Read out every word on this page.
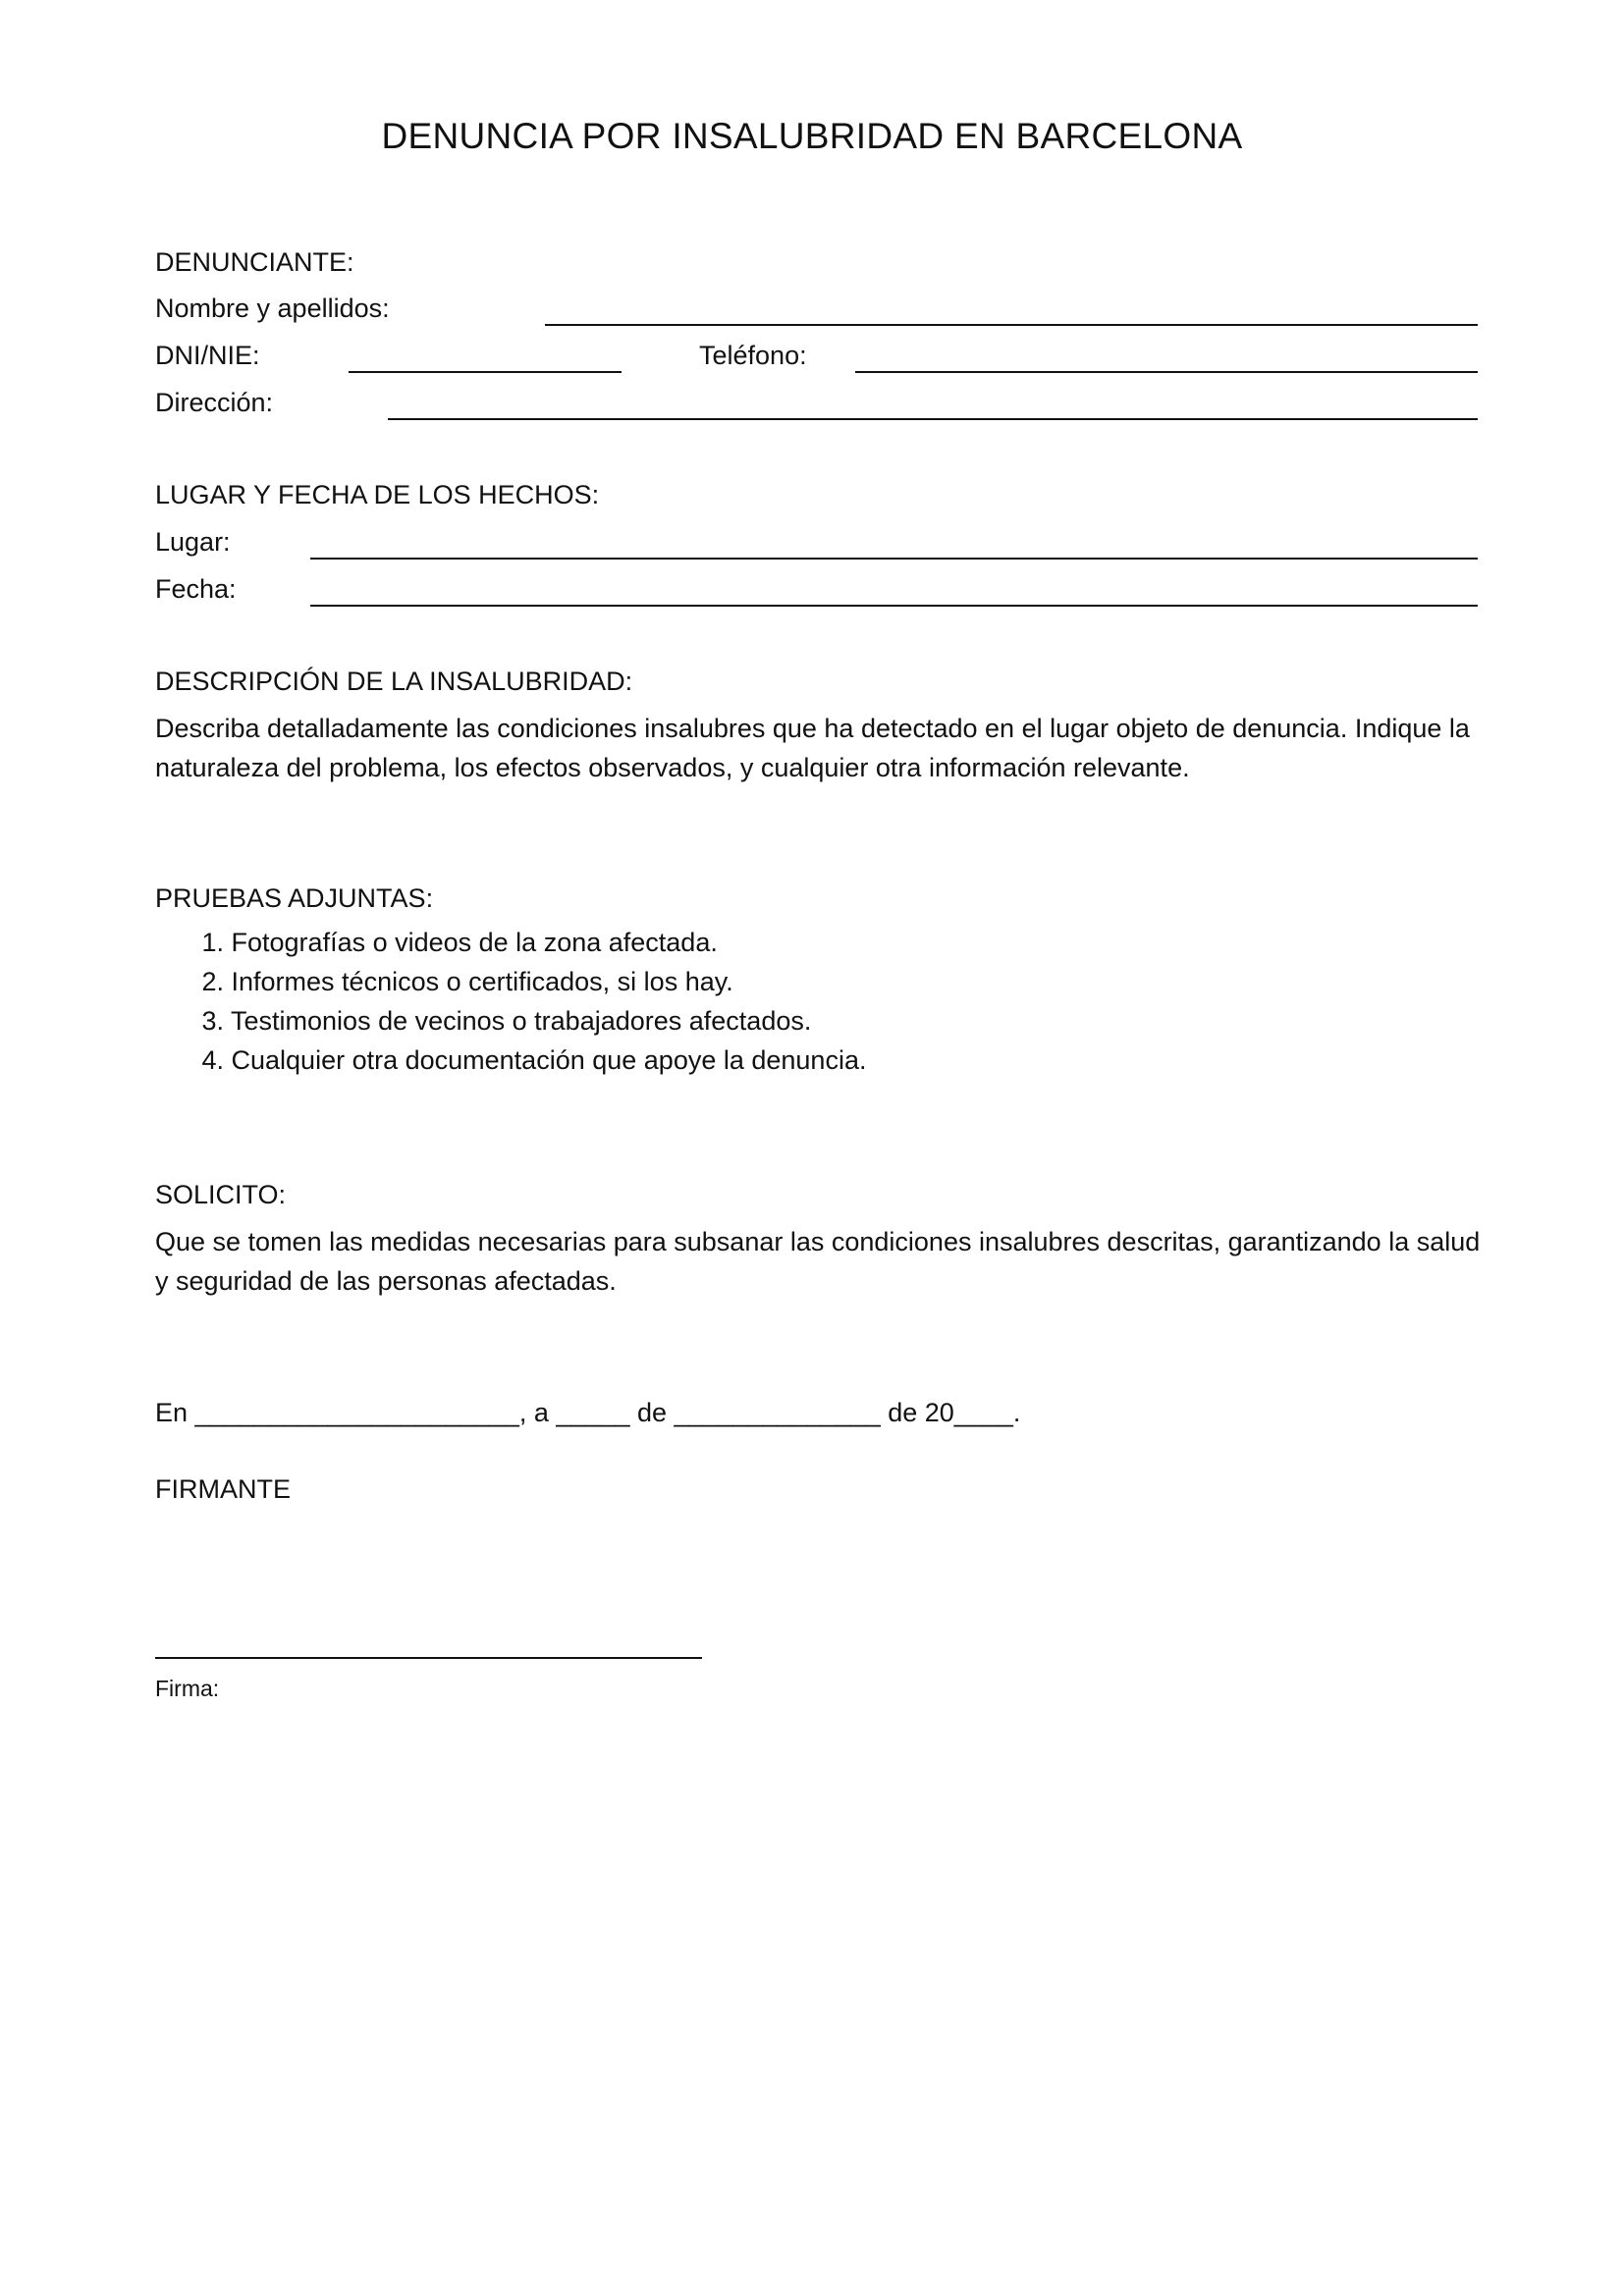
DENUNCIA POR INSALUBRIDAD EN BARCELONA

DENUNCIANTE:

Nombre y apellidos:

DNI/NIE:	Teléfono:

Dirección:

LUGAR Y FECHA DE LOS HECHOS:

Lugar:

Fecha:

DESCRIPCIÓN DE LA INSALUBRIDAD:

Describa detalladamente las condiciones insalubres que ha detectado en el lugar objeto de denuncia. Indique la naturaleza del problema, los efectos observados, y cualquier otra información relevante.

PRUEBAS ADJUNTAS:

1. Fotografías o videos de la zona afectada.
2. Informes técnicos o certificados, si los hay.
3. Testimonios de vecinos o trabajadores afectados.
4. Cualquier otra documentación que apoye la denuncia.

SOLICITO:

Que se tomen las medidas necesarias para subsanar las condiciones insalubres descritas, garantizando la salud y seguridad de las personas afectadas.

En ______________________, a _____ de ______________ de 20____.

FIRMANTE

Firma:
